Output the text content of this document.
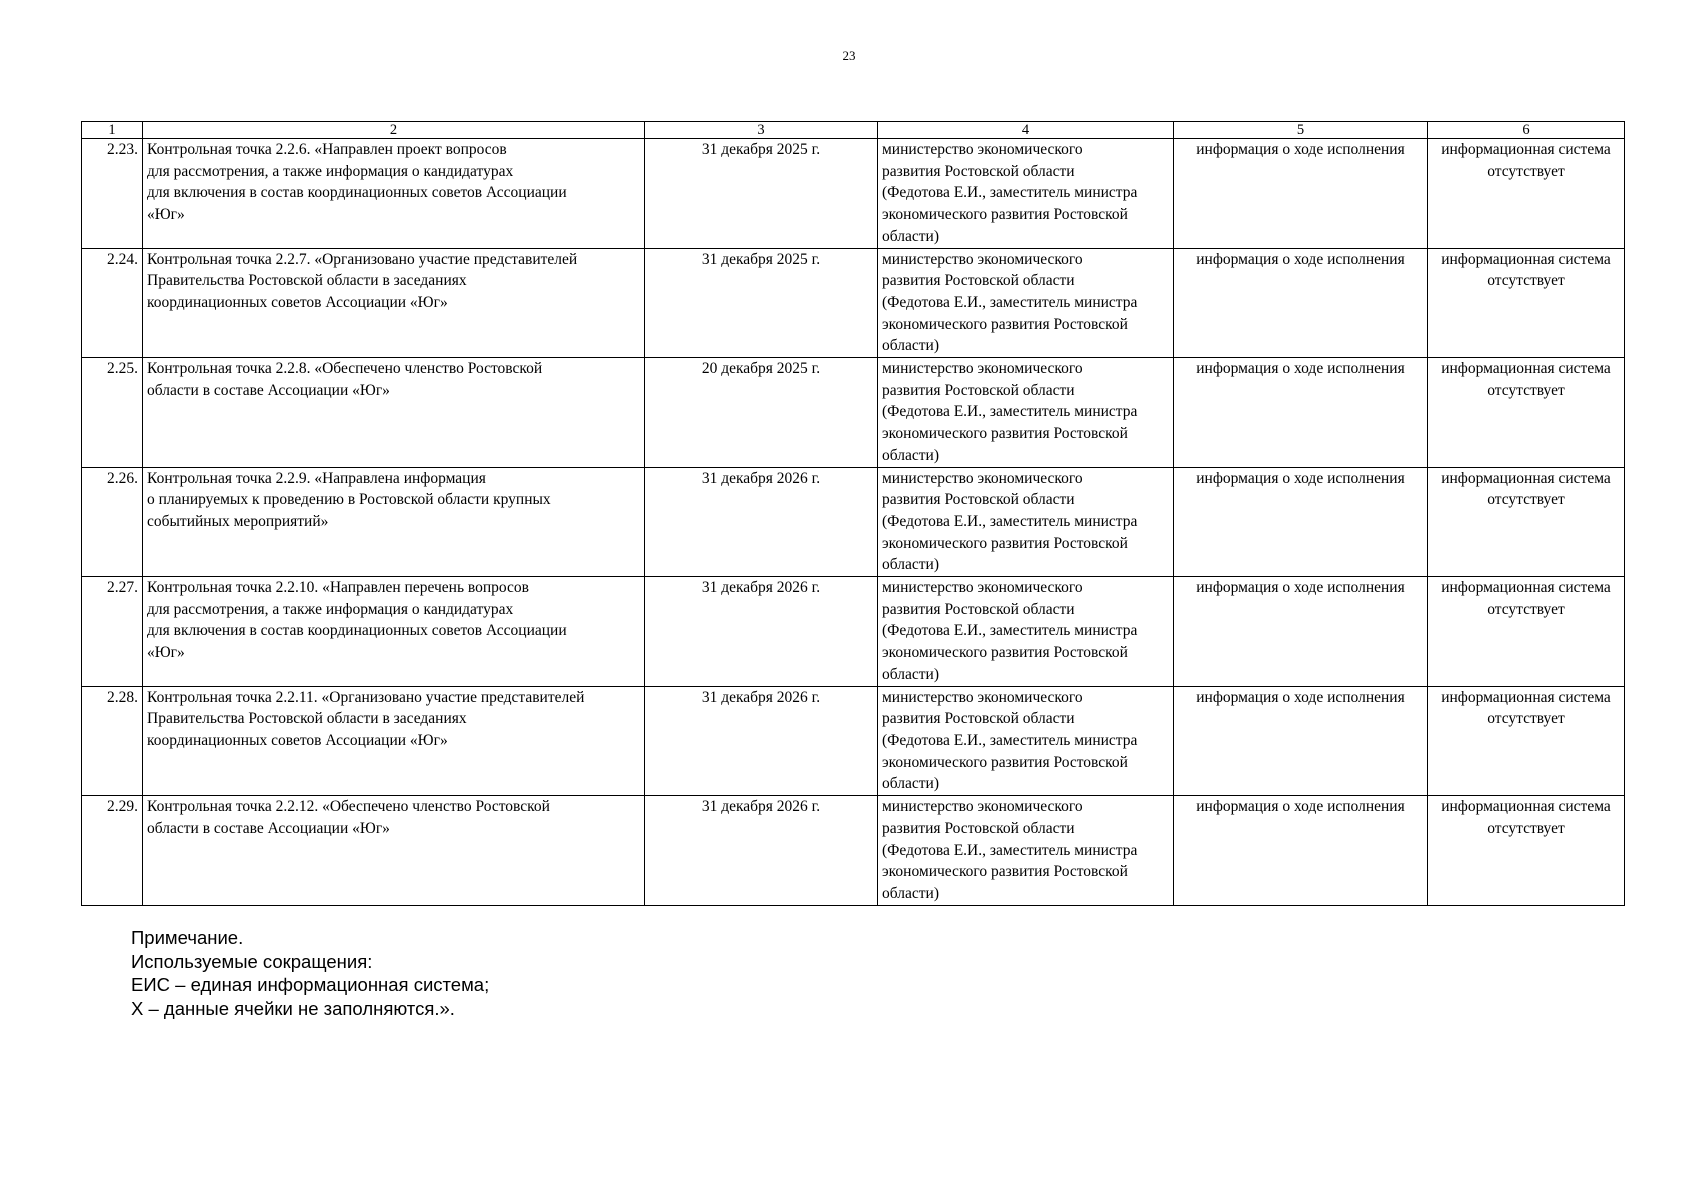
23
1	2	3	4	5	6
2.23.	Контрольная точка 2.2.6. «Направлен проект вопросов
для рассмотрения, а также информация о кандидатурах
для включения в состав координационных советов Ассоциации
«Юг»	31 декабря 2025 г.	министерство экономического
развития Ростовской области
(Федотова Е.И., заместитель министра
экономического развития Ростовской
области)	информация о ходе исполнения	информационная система
отсутствует
2.24.	Контрольная точка 2.2.7. «Организовано участие представителей
Правительства Ростовской области в заседаниях
координационных советов Ассоциации «Юг»	31 декабря 2025 г.	министерство экономического
развития Ростовской области
(Федотова Е.И., заместитель министра
экономического развития Ростовской
области)	информация о ходе исполнения	информационная система
отсутствует
2.25.	Контрольная точка 2.2.8. «Обеспечено членство Ростовской
области в составе Ассоциации «Юг»	20 декабря 2025 г.	министерство экономического
развития Ростовской области
(Федотова Е.И., заместитель министра
экономического развития Ростовской
области)	информация о ходе исполнения	информационная система
отсутствует
2.26.	Контрольная точка 2.2.9. «Направлена информация
о планируемых к проведению в Ростовской области крупных
событийных мероприятий»	31 декабря 2026 г.	министерство экономического
развития Ростовской области
(Федотова Е.И., заместитель министра
экономического развития Ростовской
области)	информация о ходе исполнения	информационная система
отсутствует
2.27.	Контрольная точка 2.2.10. «Направлен перечень вопросов
для рассмотрения, а также информация о кандидатурах
для включения в состав координационных советов Ассоциации
«Юг»	31 декабря 2026 г.	министерство экономического
развития Ростовской области
(Федотова Е.И., заместитель министра
экономического развития Ростовской
области)	информация о ходе исполнения	информационная система
отсутствует
2.28.	Контрольная точка 2.2.11. «Организовано участие представителей
Правительства Ростовской области в заседаниях
координационных советов Ассоциации «Юг»	31 декабря 2026 г.	министерство экономического
развития Ростовской области
(Федотова Е.И., заместитель министра
экономического развития Ростовской
области)	информация о ходе исполнения	информационная система
отсутствует
2.29.	Контрольная точка 2.2.12. «Обеспечено членство Ростовской
области в составе Ассоциации «Юг»	31 декабря 2026 г.	министерство экономического
развития Ростовской области
(Федотова Е.И., заместитель министра
экономического развития Ростовской
области)	информация о ходе исполнения	информационная система
отсутствует
Примечание.
Используемые сокращения:
ЕИС – единая информационная система;
Х – данные ячейки не заполняются.».
